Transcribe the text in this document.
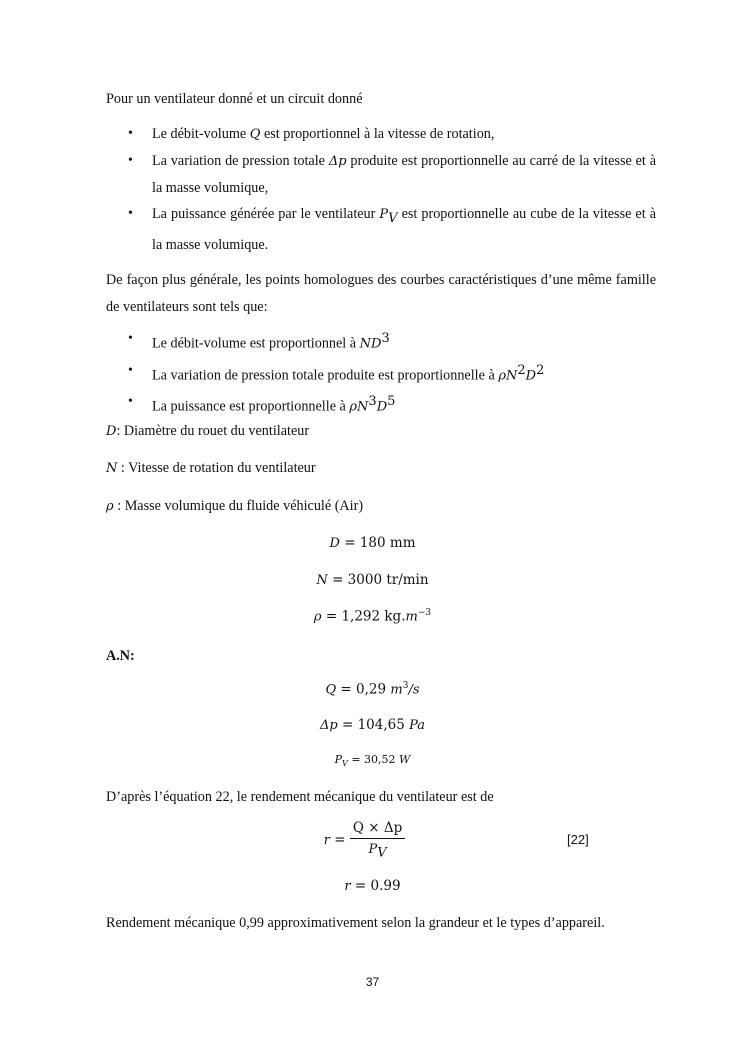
Pour un ventilateur donné et un circuit donné
• Le débit-volume Q est proportionnel à la vitesse de rotation,
• La variation de pression totale Δp produite est proportionnelle au carré de la vitesse et à la masse volumique,
• La puissance générée par le ventilateur $P_V$ est proportionnelle au cube de la vitesse et à la masse volumique.
De façon plus générale, les points homologues des courbes caractéristiques d’une même famille de ventilateurs sont tels que:
• Le débit-volume est proportionnel à $ND^3$
• La variation de pression totale produite est proportionnelle à $\rho N^2D^2$
• La puissance est proportionnelle à $\rho N^3D^5$
D: Diamètre du rouet du ventilateur
N : Vitesse de rotation du ventilateur
ρ : Masse volumique du fluide véhiculé (Air)
D = 180 mm
N = 3000 tr/min
ρ = 1,292 $kg.m^{-3}$
A.N:
Q = 0,29 $m^3/s$
Δp = 104,65 Pa
$P_V = 30,52$ W
D’après l’équation 22, le rendement mécanique du ventilateur est de
$r = \frac{Q \times \Delta p}{P_V}$	[22]
r = 0.99
Rendement mécanique 0,99 approximativement selon la grandeur et le types d’appareil.
37
